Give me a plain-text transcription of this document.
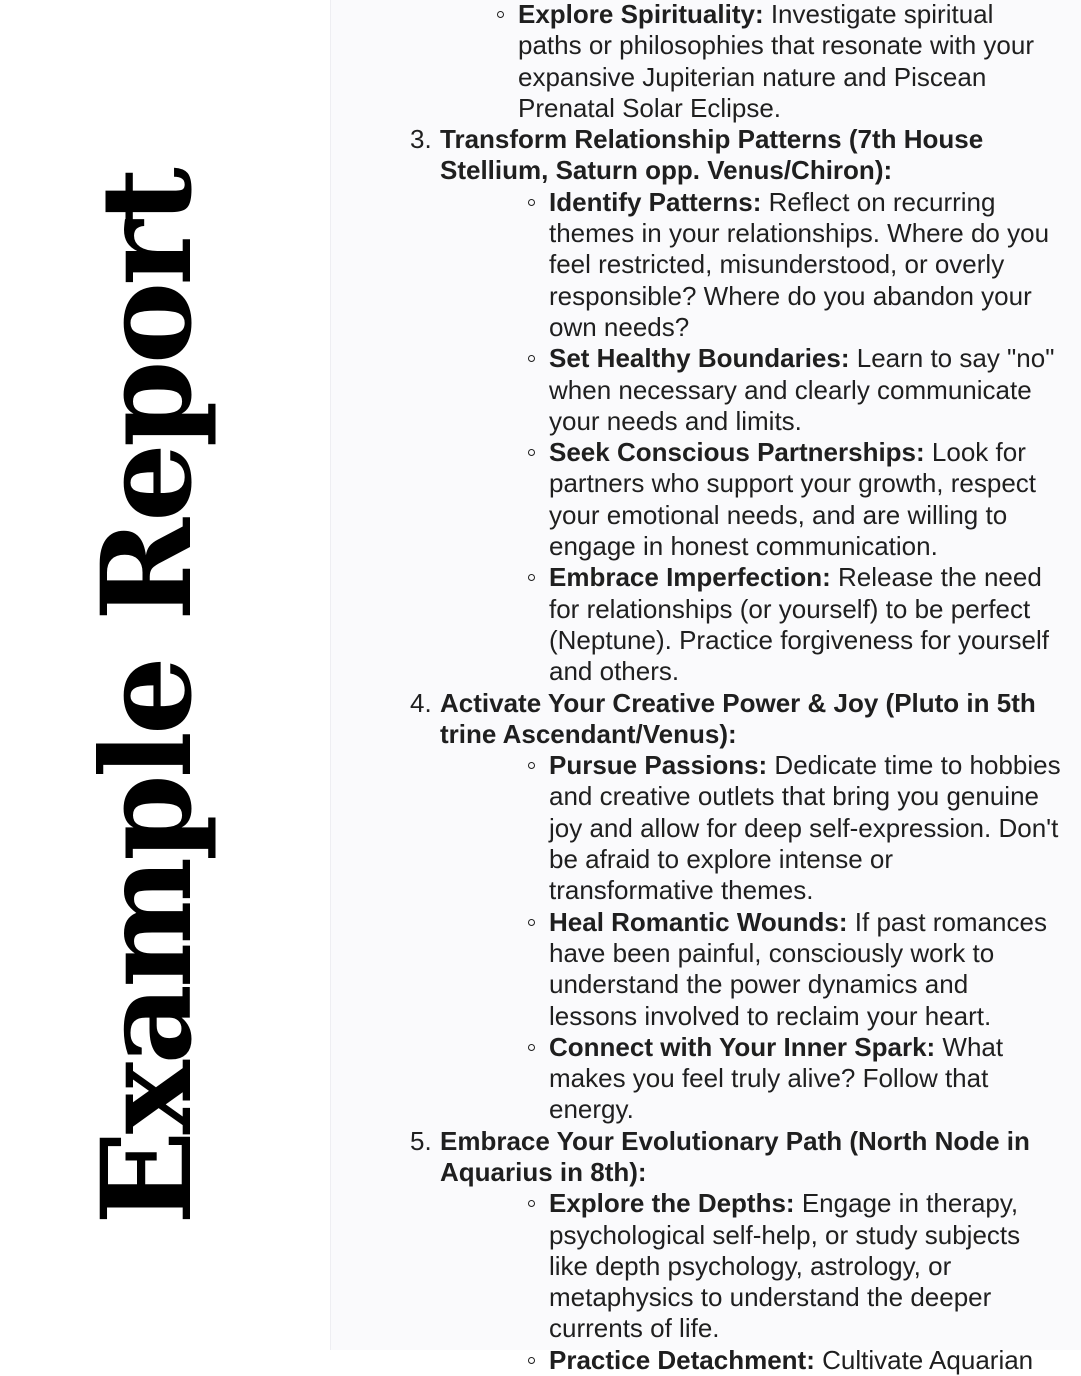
Example Report
Explore Spirituality: Investigate spiritual paths or philosophies that resonate with your expansive Jupiterian nature and Piscean Prenatal Solar Eclipse.
3. Transform Relationship Patterns (7th House Stellium, Saturn opp. Venus/Chiron):
Identify Patterns: Reflect on recurring themes in your relationships. Where do you feel restricted, misunderstood, or overly responsible? Where do you abandon your own needs?
Set Healthy Boundaries: Learn to say "no" when necessary and clearly communicate your needs and limits.
Seek Conscious Partnerships: Look for partners who support your growth, respect your emotional needs, and are willing to engage in honest communication.
Embrace Imperfection: Release the need for relationships (or yourself) to be perfect (Neptune). Practice forgiveness for yourself and others.
4. Activate Your Creative Power & Joy (Pluto in 5th trine Ascendant/Venus):
Pursue Passions: Dedicate time to hobbies and creative outlets that bring you genuine joy and allow for deep self-expression. Don't be afraid to explore intense or transformative themes.
Heal Romantic Wounds: If past romances have been painful, consciously work to understand the power dynamics and lessons involved to reclaim your heart.
Connect with Your Inner Spark: What makes you feel truly alive? Follow that energy.
5. Embrace Your Evolutionary Path (North Node in Aquarius in 8th):
Explore the Depths: Engage in therapy, psychological self-help, or study subjects like depth psychology, astrology, or metaphysics to understand the deeper currents of life.
Practice Detachment: Cultivate Aquarian
